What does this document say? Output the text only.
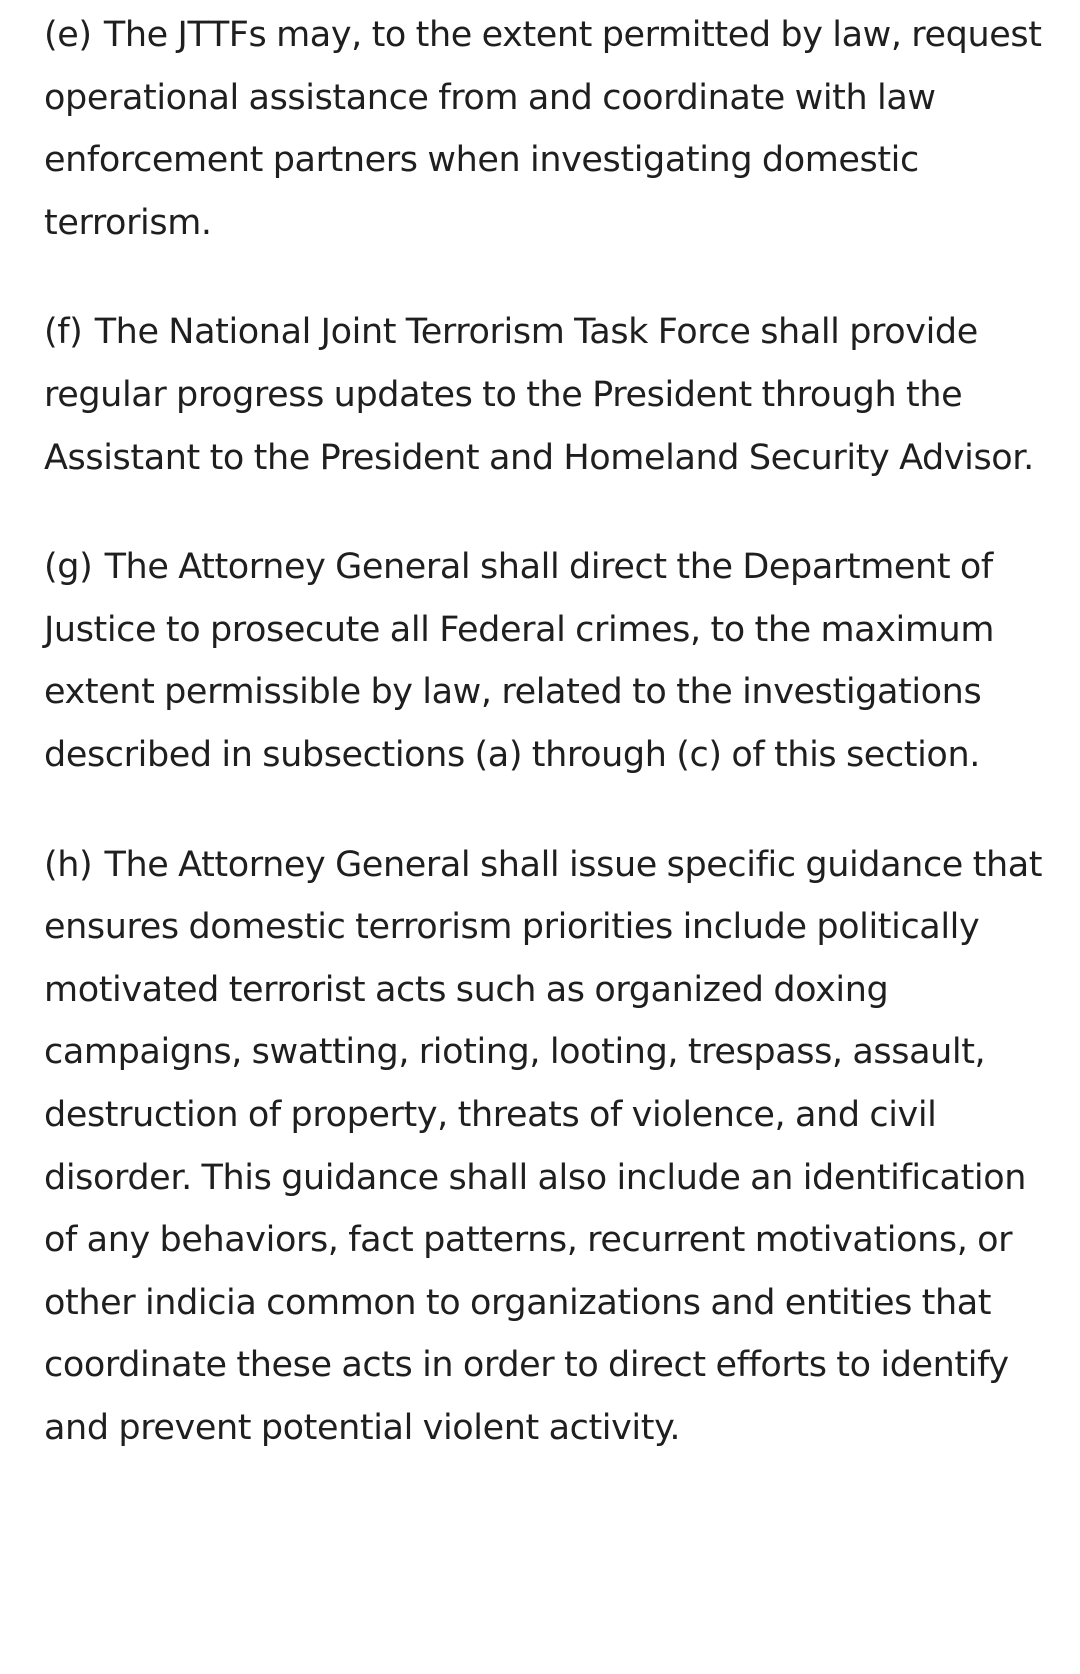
(e) The JTTFs may, to the extent permitted by law, request operational assistance from and coordinate with law enforcement partners when investigating domestic terrorism.

(f) The National Joint Terrorism Task Force shall provide regular progress updates to the President through the Assistant to the President and Homeland Security Advisor.

(g) The Attorney General shall direct the Department of Justice to prosecute all Federal crimes, to the maximum extent permissible by law, related to the investigations described in subsections (a) through (c) of this section.

(h) The Attorney General shall issue specific guidance that ensures domestic terrorism priorities include politically motivated terrorist acts such as organized doxing campaigns, swatting, rioting, looting, trespass, assault, destruction of property, threats of violence, and civil disorder. This guidance shall also include an identification of any behaviors, fact patterns, recurrent motivations, or other indicia common to organizations and entities that coordinate these acts in order to direct efforts to identify and prevent potential violent activity.
